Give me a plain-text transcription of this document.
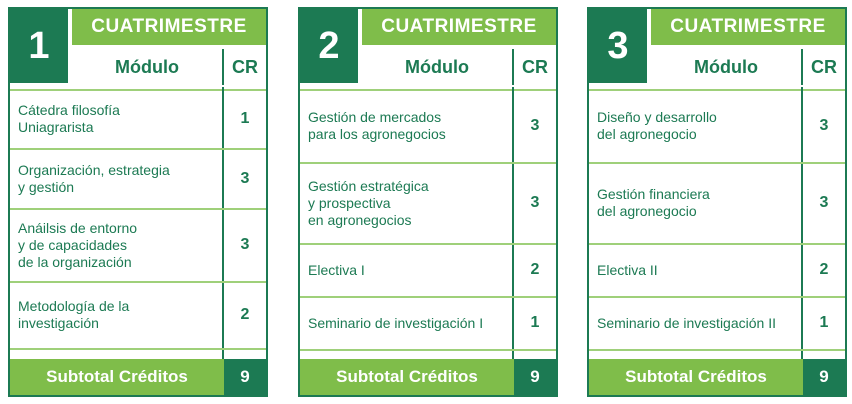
1	CUATRIMESTRE
Módulo	CR
Cátedra filosofía
Uniagrarista	1
Organización, estrategia
y gestión	3
Anáilsis de entorno
y de capacidades
de la organización
3
Metodología de la
investigación	2
Subtotal Créditos	9
2	CUATRIMESTRE
Módulo	CR
Gestión de mercados
para los agronegocios	3
Gestión estratégica
y prospectiva
en agronegocios
3
Electiva I	2
Seminario de investigación I	1
Subtotal Créditos	9
3	CUATRIMESTRE
Módulo	CR
Diseño y desarrollo
del agronegocio	3
Gestión financiera
del agronegocio	3
Electiva II	2
Seminario de investigación II	1
Subtotal Créditos	9
